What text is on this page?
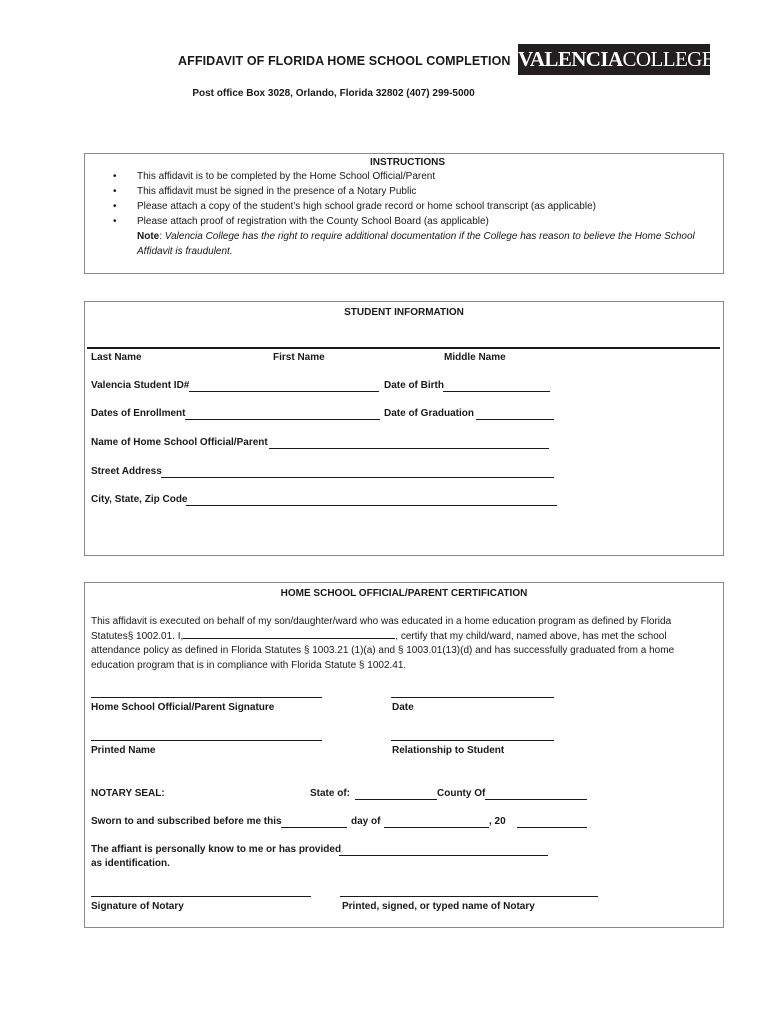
AFFIDAVIT OF FLORIDA HOME SCHOOL COMPLETION VALENCIACOLLEGE
Post office Box 3028, Orlando, Florida 32802 (407) 299-5000
INSTRUCTIONS
• This affidavit is to be completed by the Home School Official/Parent
• This affidavit must be signed in the presence of a Notary Public
• Please attach a copy of the student’s high school grade record or home school transcript (as applicable)
• Please attach proof of registration with the County School Board (as applicable)
Note: Valencia College has the right to require additional documentation if the College has reason to believe the Home School
Affidavit is fraudulent.
STUDENT INFORMATION
Last Name	First Name	Middle Name
Valencia Student ID#	Date of Birth
Dates of Enrollment	Date of Graduation
Name of Home School Official/Parent
Street Address
City, State, Zip Code
HOME SCHOOL OFFICIAL/PARENT CERTIFICATION
This affidavit is executed on behalf of my son/daughter/ward who was educated in a home education program as defined by Florida
Statutes§ 1002.01. I,	, certify that my child/ward, named above, has met the school
attendance policy as defined in Florida Statutes § 1003.21 (1)(a) and § 1003.01(13)(d) and has successfully graduated from a home
education program that is in compliance with Florida Statute § 1002.41.
Home School Official/Parent Signature	Date
Printed Name	Relationship to Student
NOTARY SEAL:	State of:	County Of
Sworn to and subscribed before me this	day of	, 20
The affiant is personally know to me or has provided
as identification.
Signature of Notary	Printed, signed, or typed name of Notary
